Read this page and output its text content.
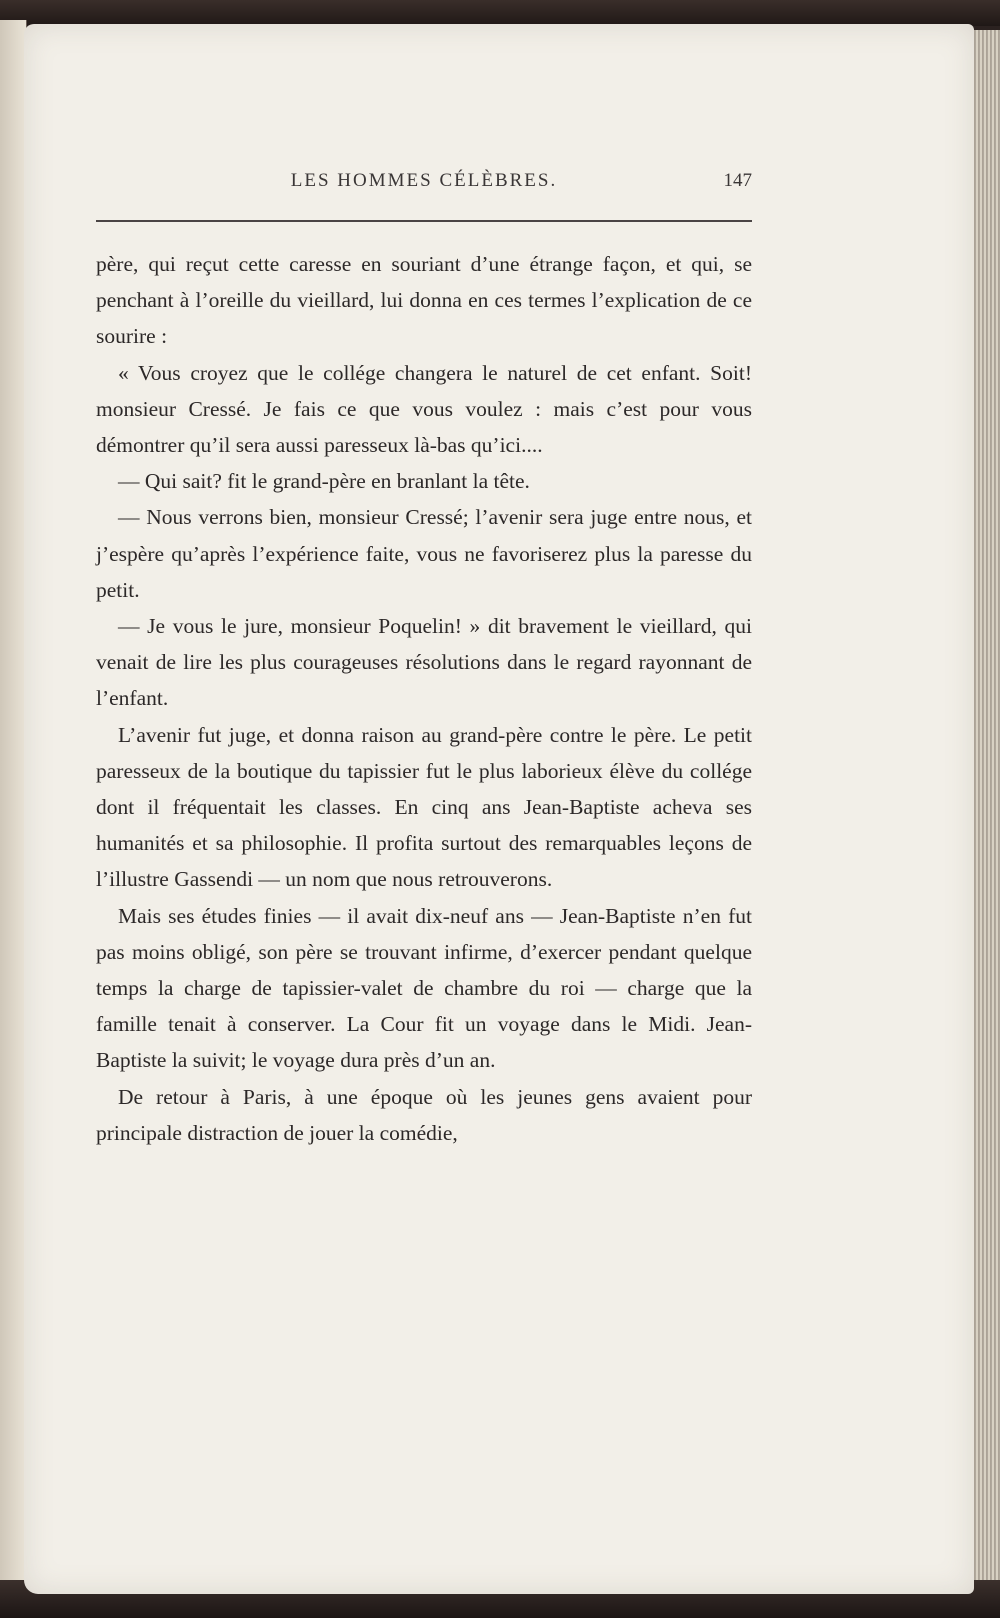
LES HOMMES CÉLÈBRES.	147

père, qui reçut cette caresse en souriant d’une étrange façon, et qui, se penchant à l’oreille du vieillard, lui donna en ces termes l’explication de ce sourire :

« Vous croyez que le collége changera le naturel de cet enfant. Soit! monsieur Cressé. Je fais ce que vous voulez : mais c’est pour vous démontrer qu’il sera aussi paresseux là-bas qu’ici....

— Qui sait? fit le grand-père en branlant la tête.

— Nous verrons bien, monsieur Cressé; l’avenir sera juge entre nous, et j’espère qu’après l’expérience faite, vous ne favoriserez plus la paresse du petit.

— Je vous le jure, monsieur Poquelin! » dit bravement le vieillard, qui venait de lire les plus courageuses résolutions dans le regard rayonnant de l’enfant.

L’avenir fut juge, et donna raison au grand-père contre le père. Le petit paresseux de la boutique du tapissier fut le plus laborieux élève du collége dont il fréquentait les classes. En cinq ans Jean-Baptiste acheva ses humanités et sa philosophie. Il profita surtout des remarquables leçons de l’illustre Gassendi — un nom que nous retrouverons.

Mais ses études finies — il avait dix-neuf ans — Jean-Baptiste n’en fut pas moins obligé, son père se trouvant infirme, d’exercer pendant quelque temps la charge de tapissier-valet de chambre du roi — charge que la famille tenait à conserver. La Cour fit un voyage dans le Midi. Jean-Baptiste la suivit; le voyage dura près d’un an.

De retour à Paris, à une époque où les jeunes gens avaient pour principale distraction de jouer la comédie,
